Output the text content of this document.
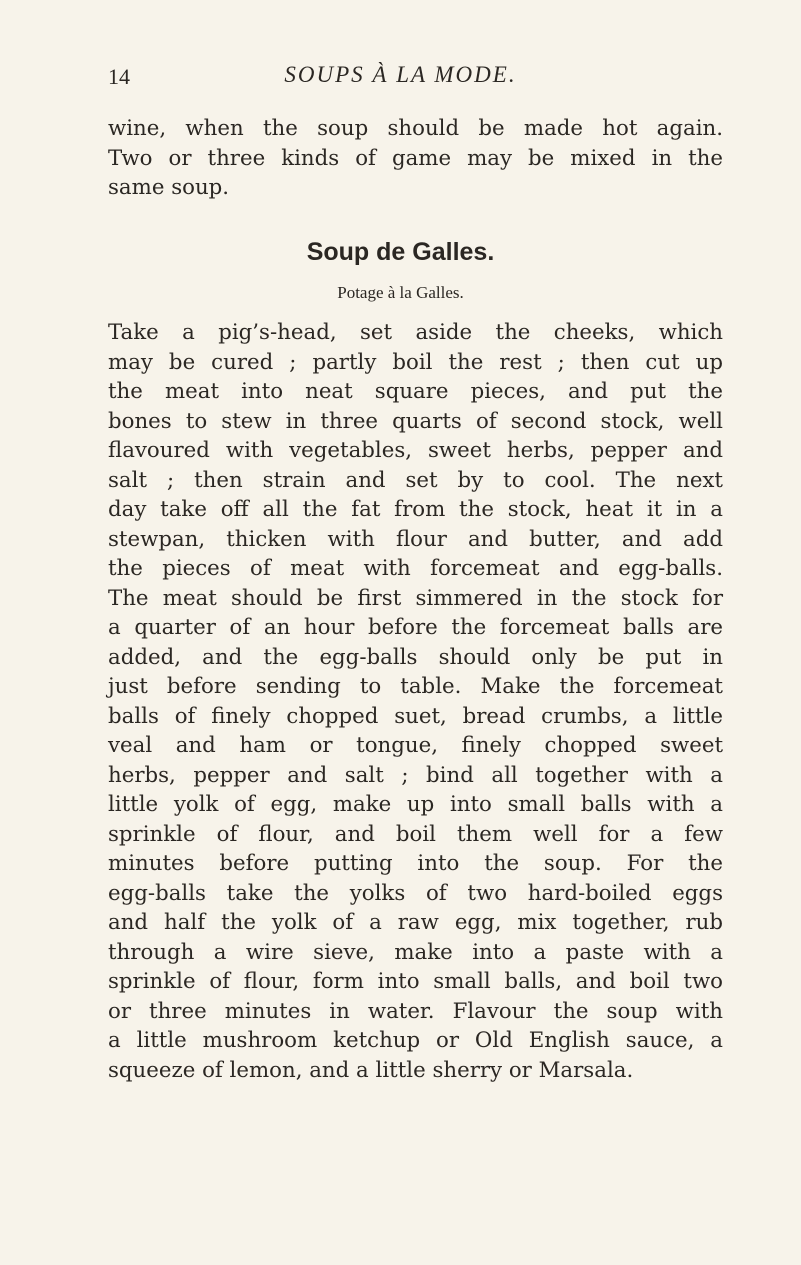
14	SOUPS À LA MODE.
wine, when the soup should be made hot again.
Two or three kinds of game may be mixed in the
same soup.
Soup de Galles.
Potage à la Galles.
Take a pig’s-head, set aside the cheeks, which
may be cured ; partly boil the rest ; then cut up
the meat into neat square pieces, and put the
bones to stew in three quarts of second stock, well
flavoured with vegetables, sweet herbs, pepper and
salt ; then strain and set by to cool. The next
day take off all the fat from the stock, heat it in a
stewpan, thicken with flour and butter, and add
the pieces of meat with forcemeat and egg-balls.
The meat should be first simmered in the stock for
a quarter of an hour before the forcemeat balls are
added, and the egg-balls should only be put in
just before sending to table. Make the forcemeat
balls of finely chopped suet, bread crumbs, a little
veal and ham or tongue, finely chopped sweet
herbs, pepper and salt ; bind all together with a
little yolk of egg, make up into small balls with a
sprinkle of flour, and boil them well for a few
minutes before putting into the soup. For the
egg-balls take the yolks of two hard-boiled eggs
and half the yolk of a raw egg, mix together, rub
through a wire sieve, make into a paste with a
sprinkle of flour, form into small balls, and boil two
or three minutes in water. Flavour the soup with
a little mushroom ketchup or Old English sauce, a
squeeze of lemon, and a little sherry or Marsala.
